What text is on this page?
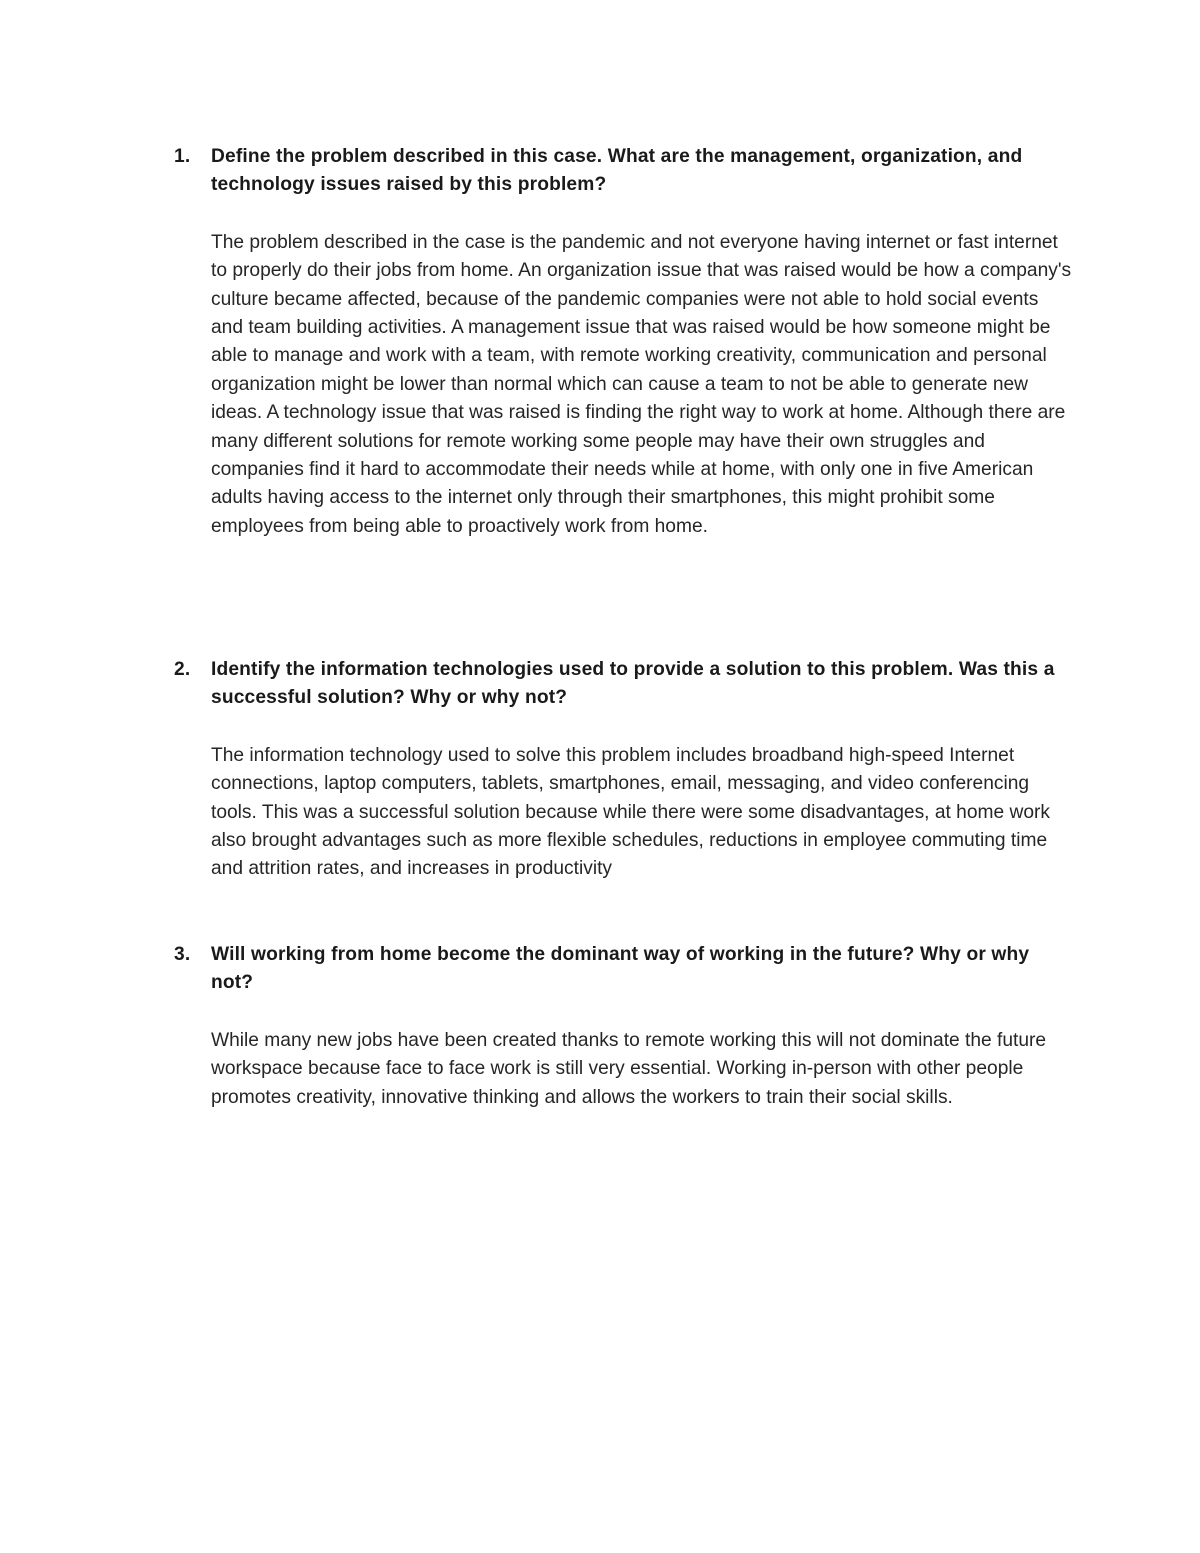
1.	Define the problem described in this case. What are the management, organization, and technology issues raised by this problem?
The problem described in the case is the pandemic and not everyone having internet or fast internet to properly do their jobs from home. An organization issue that was raised would be how a company's culture became affected, because of the pandemic companies were not able to hold social events and team building activities. A management issue that was raised would be how someone might be able to manage and work with a team, with remote working creativity, communication and personal organization might be lower than normal which can cause a team to not be able to generate new ideas. A technology issue that was raised is finding the right way to work at home. Although there are many different solutions for remote working some people may have their own struggles and companies find it hard to accommodate their needs while at home, with only one in five American adults having access to the internet only through their smartphones, this might prohibit some employees from being able to proactively work from home.
2.	Identify the information technologies used to provide a solution to this problem. Was this a successful solution? Why or why not?
The information technology used to solve this problem includes broadband high-speed Internet connections, laptop computers, tablets, smartphones, email, messaging, and video conferencing tools. This was a successful solution because while there were some disadvantages, at home work also brought advantages such as more flexible schedules, reductions in employee commuting time and attrition rates, and increases in productivity
3.	Will working from home become the dominant way of working in the future? Why or why not?
While many new jobs have been created thanks to remote working this will not dominate the future workspace because face to face work is still very essential. Working in-person with other people promotes creativity, innovative thinking and allows the workers to train their social skills.
